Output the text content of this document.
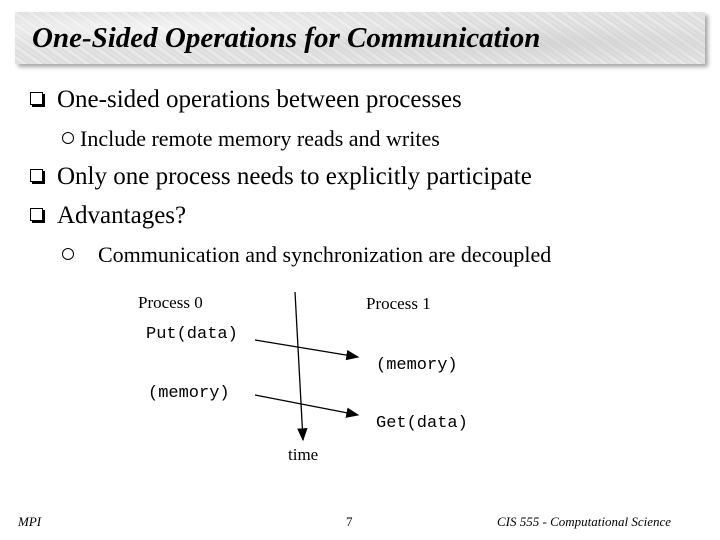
One-Sided Operations for Communication
One-sided operations between processes
Include remote memory reads and writes
Only one process needs to explicitly participate
Advantages?
Communication and synchronization are decoupled
Process 0	Process 1
Put(data)
(memory)
(memory)
Get(data)
time
MPI	7	CIS 555 - Computational Science
